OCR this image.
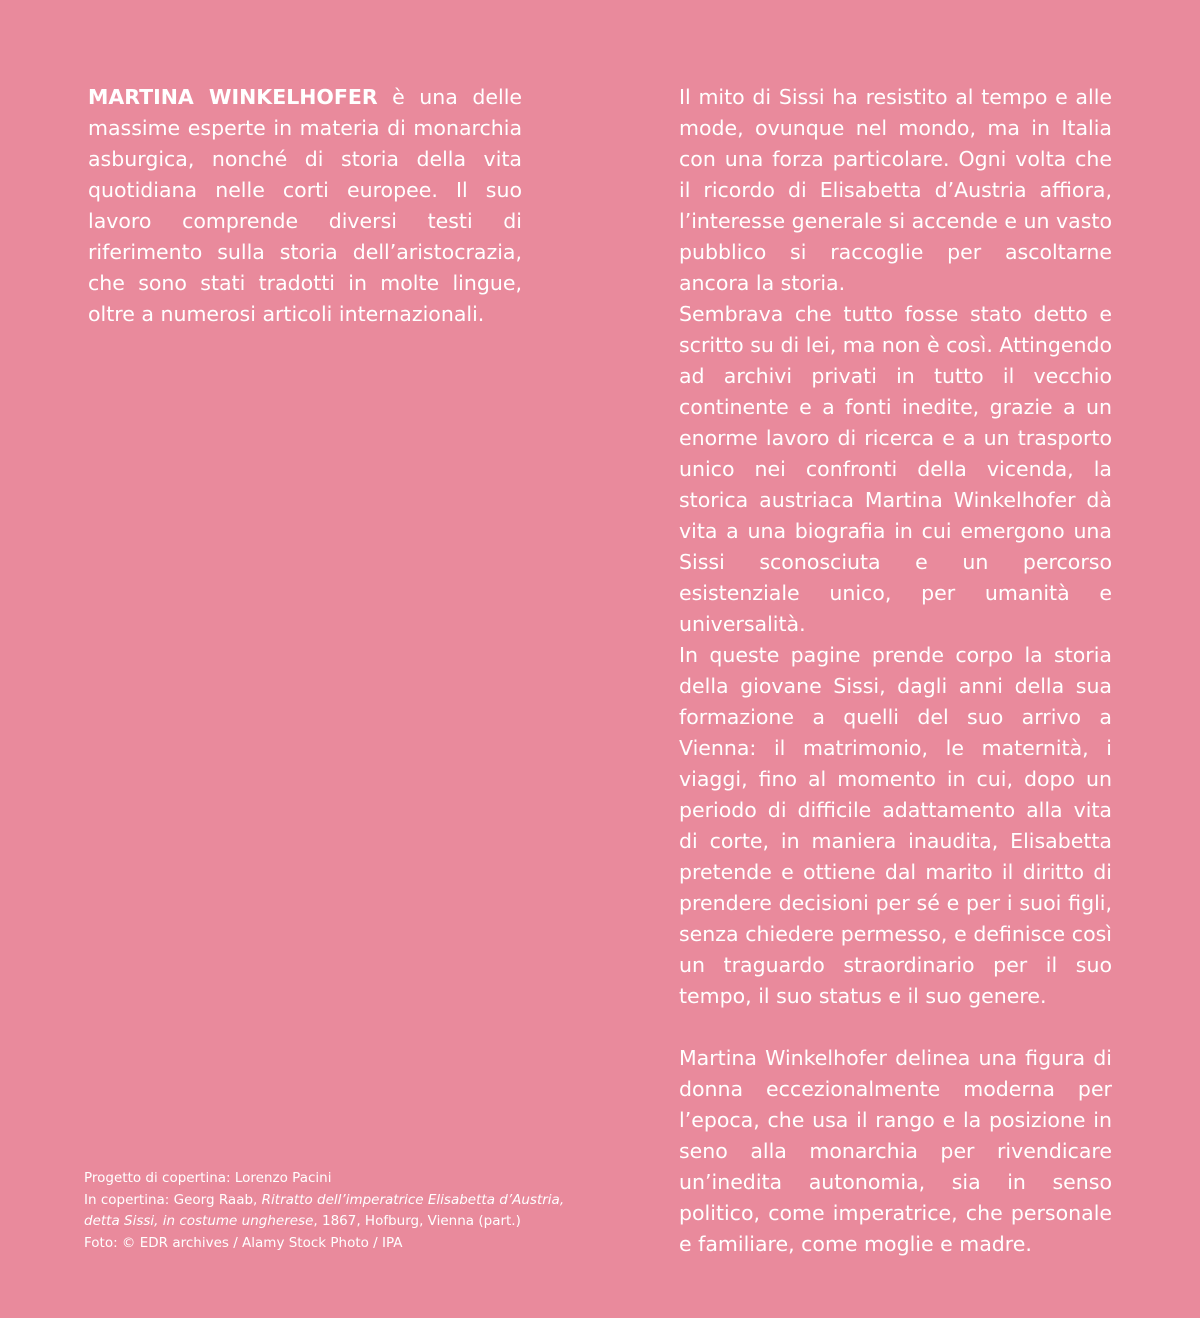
MARTINA WINKELHOFER è una delle massime esperte in materia di monarchia asburgica, nonché di storia della vita quotidiana nelle corti europee. Il suo lavoro comprende diversi testi di riferimento sulla storia dell’aristocrazia, che sono stati tradotti in molte lingue, oltre a numerosi articoli internazionali.

Il mito di Sissi ha resistito al tempo e alle mode, ovunque nel mondo, ma in Italia con una forza particolare. Ogni volta che il ricordo di Elisabetta d’Austria affiora, l’interesse generale si accende e un vasto pubblico si raccoglie per ascoltarne ancora la storia.

Sembrava che tutto fosse stato detto e scritto su di lei, ma non è così. Attingendo ad archivi privati in tutto il vecchio continente e a fonti inedite, grazie a un enorme lavoro di ricerca e a un trasporto unico nei confronti della vicenda, la storica austriaca Martina Winkelhofer dà vita a una biografia in cui emergono una Sissi sconosciuta e un percorso esistenziale unico, per umanità e universalità.

In queste pagine prende corpo la storia della giovane Sissi, dagli anni della sua formazione a quelli del suo arrivo a Vienna: il matrimonio, le maternità, i viaggi, fino al momento in cui, dopo un periodo di difficile adattamento alla vita di corte, in maniera inaudita, Elisabetta pretende e ottiene dal marito il diritto di prendere decisioni per sé e per i suoi figli, senza chiedere permesso, e definisce così un traguardo straordinario per il suo tempo, il suo status e il suo genere.

Martina Winkelhofer delinea una figura di donna eccezionalmente moderna per l’epoca, che usa il rango e la posizione in seno alla monarchia per rivendicare un’inedita autonomia, sia in senso politico, come imperatrice, che personale e familiare, come moglie e madre.

Progetto di copertina: Lorenzo Pacini
In copertina: Georg Raab, Ritratto dell’imperatrice Elisabetta d’Austria,
detta Sissi, in costume ungherese, 1867, Hofburg, Vienna (part.)
Foto: © EDR archives / Alamy Stock Photo / IPA
